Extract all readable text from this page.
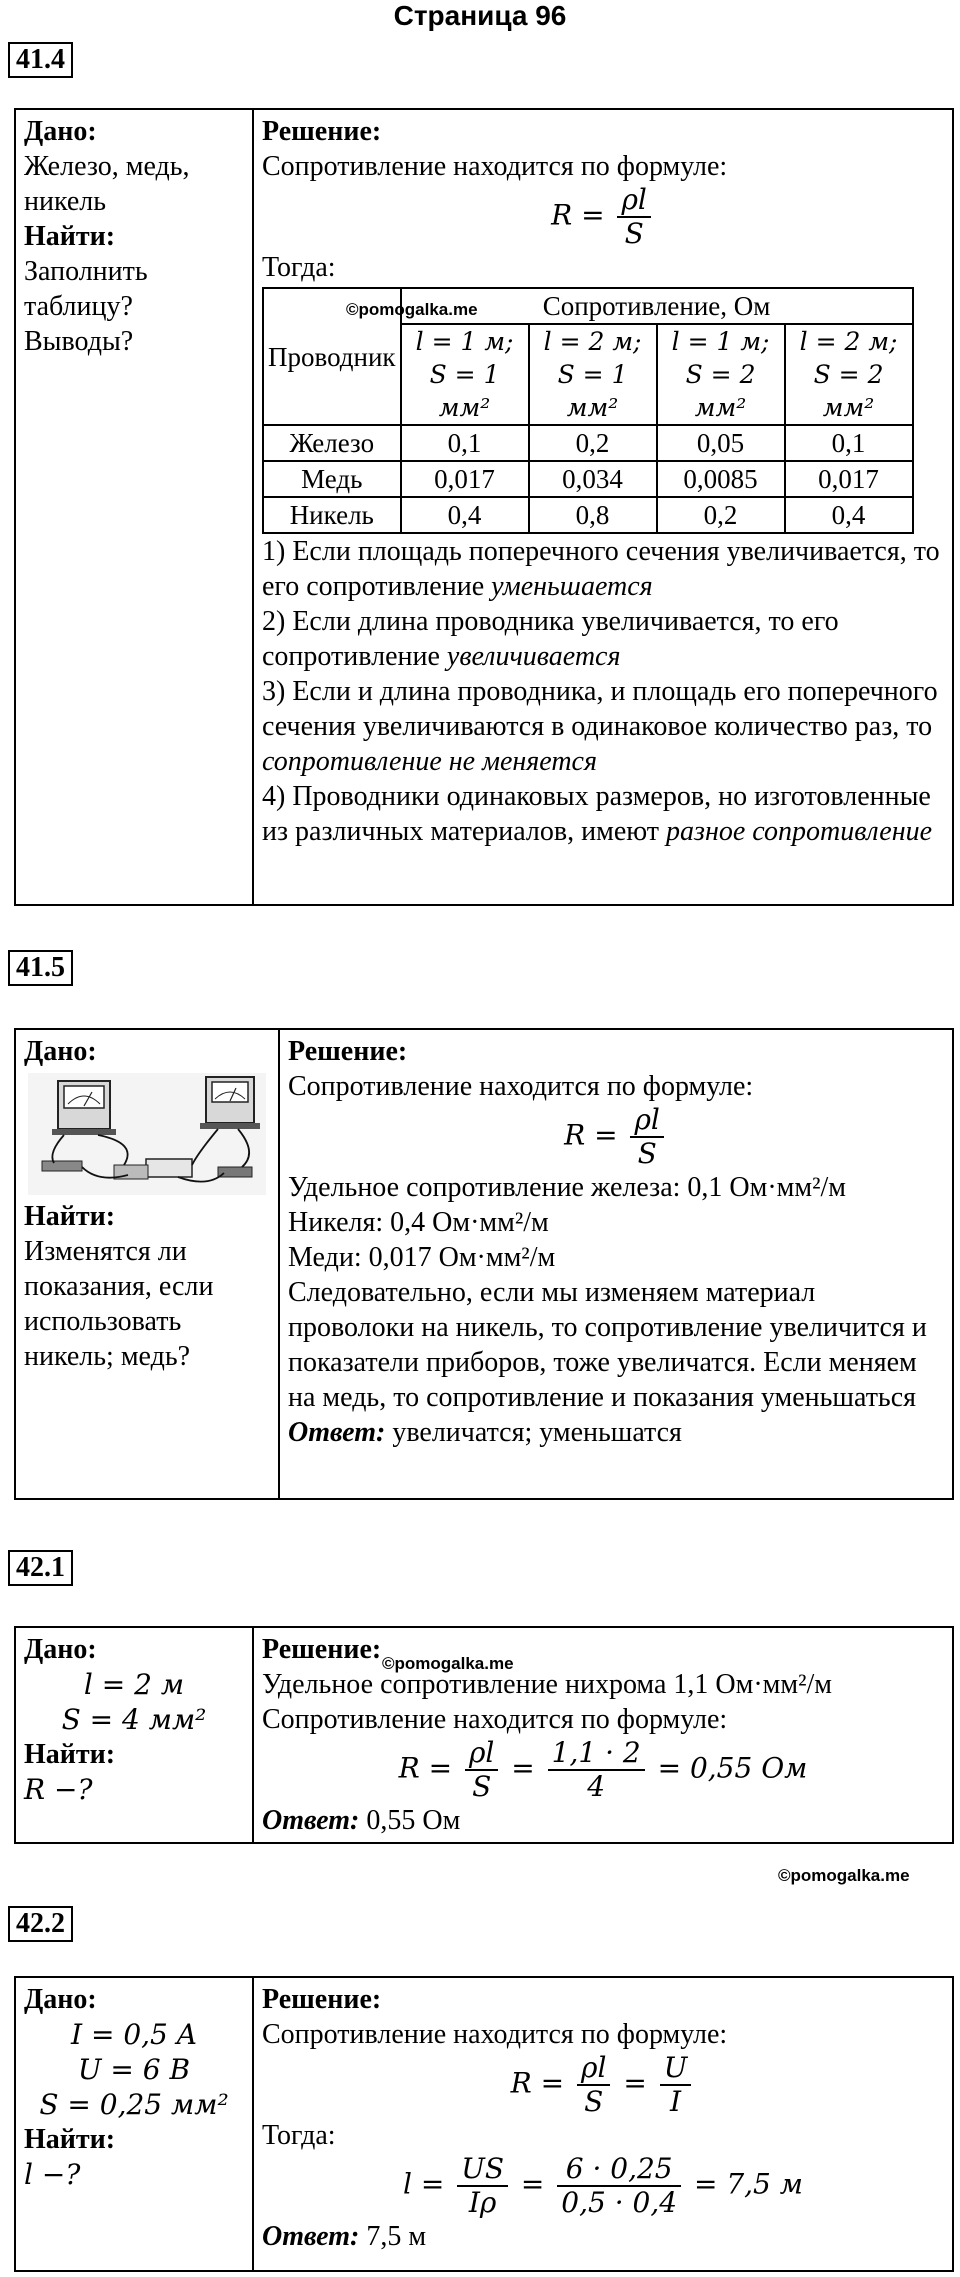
Страница 96
41.4
Дано:
Железо, медь, никель
Найти:
Заполнить таблицу? Выводы?
Решение:
Сопротивление находится по формуле:
$R = \frac{\rho l}{S}$
Тогда:
Проводник	Сопротивление, Ом			
	l = 1 м; S = 1 мм²	l = 2 м; S = 1 мм²	l = 1 м; S = 2 мм²	l = 2 м; S = 2 мм²
Железо	0,1	0,2	0,05	0,1
Медь	0,017	0,034	0,0085	0,017
Никель	0,4	0,8	0,2	0,4
1) Если площадь поперечного сечения увеличивается, то его сопротивление уменьшается
2) Если длина проводника увеличивается, то его сопротивление увеличивается
3) Если и длина проводника, и площадь его поперечного сечения увеличиваются в одинаковое количество раз, то сопротивление не меняется
4) Проводники одинаковых размеров, но изготовленные из различных материалов, имеют разное сопротивление
©pomogalka.me
41.5
Дано:
Найти:
Изменятся ли показания, если использовать никель; медь?
Решение:
Сопротивление находится по формуле:
$R = \frac{\rho l}{S}$
Удельное сопротивление железа: 0,1 Ом·мм²/м
Никеля: 0,4 Ом·мм²/м
Меди: 0,017 Ом·мм²/м
Следовательно, если мы изменяем материал проволоки на никель, то сопротивление увеличится и показатели приборов, тоже увеличатся. Если меняем на медь, то сопротивление и показания уменьшаться
Ответ: увеличатся; уменьшатся
42.1
Дано:
l = 2 м
S = 4 мм²
Найти:
R −?
Решение:
Удельное сопротивление нихрома 1,1 Ом·мм²/м
Сопротивление находится по формуле:
$R = \frac{\rho l}{S} = \frac{1,1 \cdot 2}{4} = 0,55$ Ом
Ответ: 0,55 Ом
©pomogalka.me
©pomogalka.me
42.2
Дано:
I = 0,5 A
U = 6 B
S = 0,25 мм²
Найти:
l −?
Решение:
Сопротивление находится по формуле:
$R = \frac{\rho l}{S} = \frac{U}{I}$
Тогда:
$l = \frac{US}{I\rho} = \frac{6 \cdot 0,25}{0,5 \cdot 0,4} = 7,5$ м
Ответ: 7,5 м
